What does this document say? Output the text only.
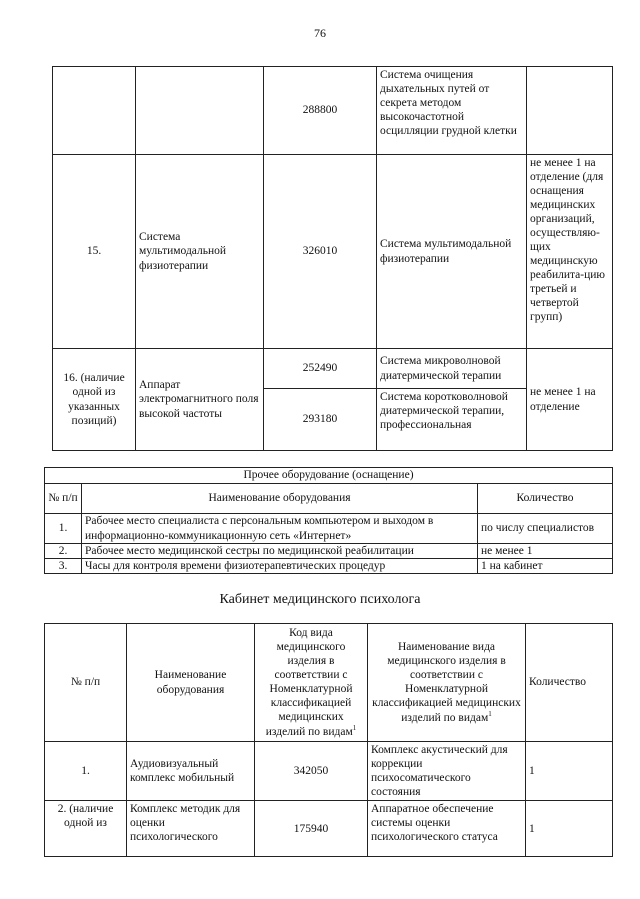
76
		288800	Система очищения дыхательных путей от секрета методом высокочастотной осцилляции грудной клетки	
15.	Система мультимодальной физиотерапии	326010	Система мультимодальной физиотерапии	не менее 1 на отделение (для оснащения медицинских организаций, осуществляю-щих медицинскую реабилита-цию третьей и четвертой групп)
16. (наличие одной из указанных позиций)	Аппарат электромагнитного поля высокой частоты	252490	Система микроволновой диатермической терапии	не менее 1 на отделение
		293180	Система коротковолновой диатермической терапии, профессиональная	
Прочее оборудование (оснащение)		
№ п/п	Наименование оборудования	Количество
1.	Рабочее место специалиста с персональным компьютером и выходом в информационно-коммуникационную сеть «Интернет»	по числу специалистов
2.	Рабочее место медицинской сестры по медицинской реабилитации	не менее 1
3.	Часы для контроля времени физиотерапевтических процедур	1 на кабинет
Кабинет медицинского психолога
№ п/п	Наименование оборудования	Код вида медицинского изделия в соответствии с Номенклатурной классификацией медицинских изделий по видам$^1$	Наименование вида медицинского изделия в соответствии с Номенклатурной классификацией медицинских изделий по видам$^1$	Количество
1.	Аудиовизуальный комплекс мобильный	342050	Комплекс акустический для коррекции психосоматического состояния	1
2. (наличие одной из	Комплекс методик для оценки психологического	175940	Аппаратное обеспечение системы оценки психологического статуса	1
